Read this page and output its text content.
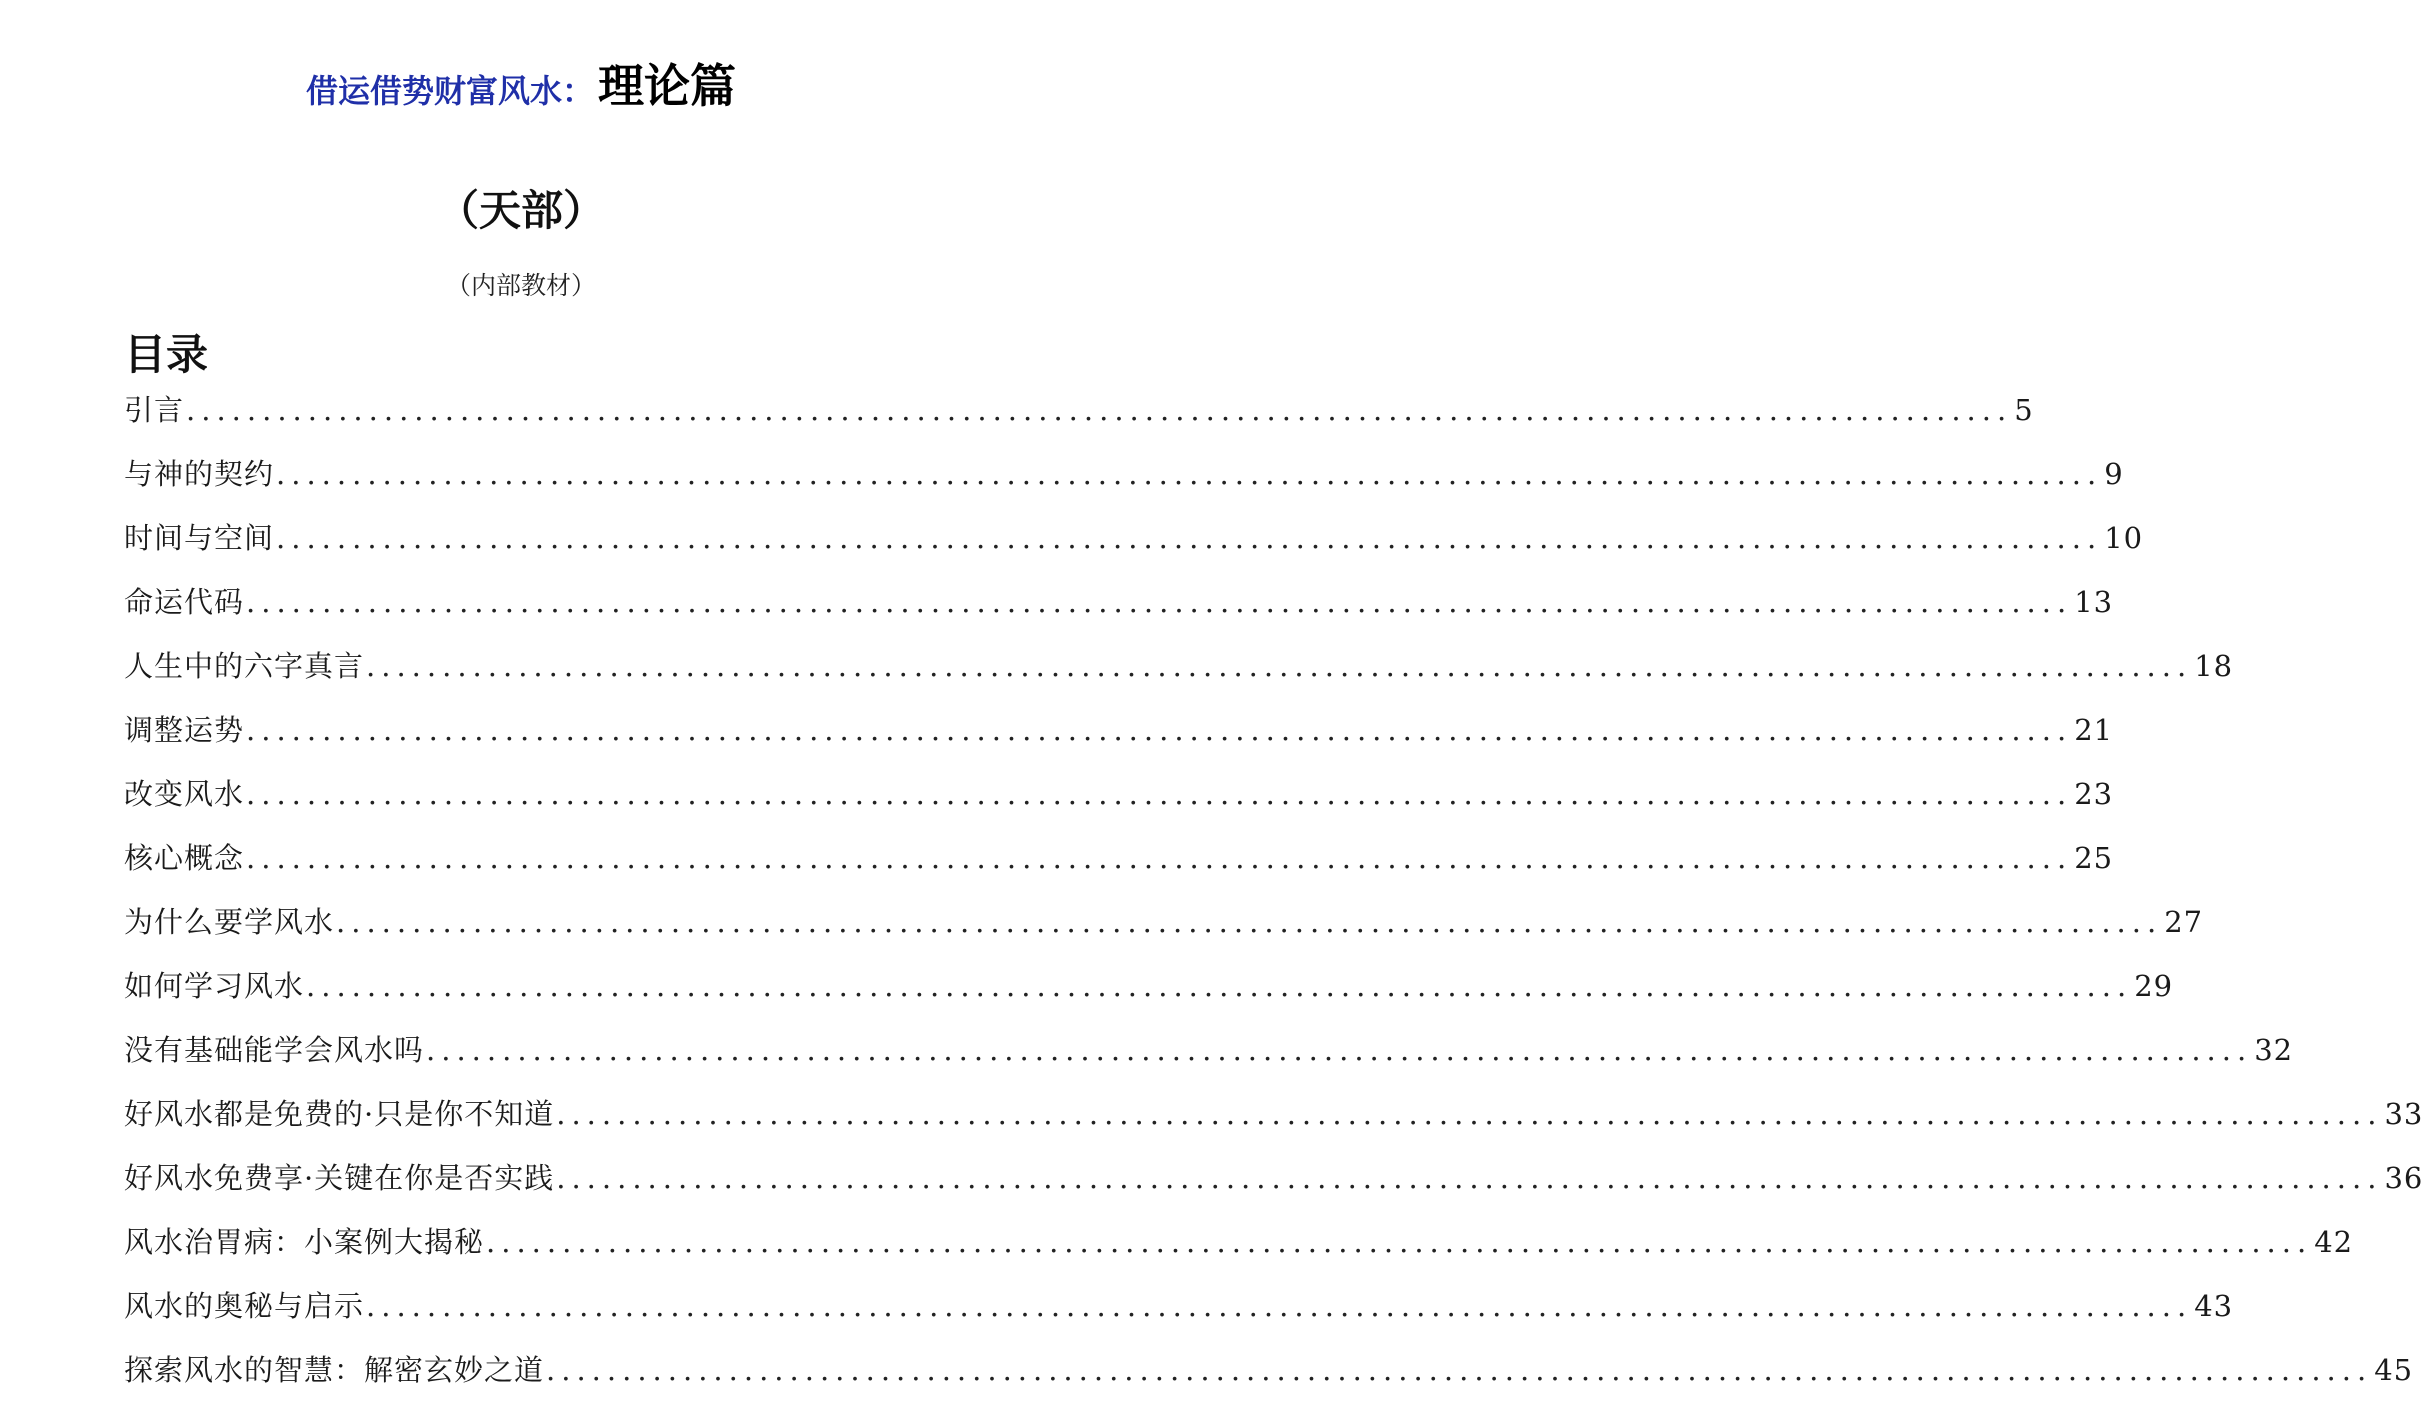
借运借势财富风水：理论篇
（天部）
（内部教材）
目录
引言 ........................................................................................................................ 5
与神的契约 ........................................................................................................................ 9
时间与空间 ........................................................................................................................ 10
命运代码 ........................................................................................................................ 13
人生中的六字真言 ........................................................................................................................ 18
调整运势 ........................................................................................................................ 21
改变风水 ........................................................................................................................ 23
核心概念 ........................................................................................................................ 25
为什么要学风水 ........................................................................................................................ 27
如何学习风水 ........................................................................................................................ 29
没有基础能学会风水吗 ........................................................................................................................ 32
好风水都是免费的·只是你不知道 ........................................................................................................................ 33
好风水免费享·关键在你是否实践 ........................................................................................................................ 36
风水治胃病：小案例大揭秘 ........................................................................................................................ 42
风水的奥秘与启示 ........................................................................................................................ 43
探索风水的智慧：解密玄妙之道 ........................................................................................................................ 45
